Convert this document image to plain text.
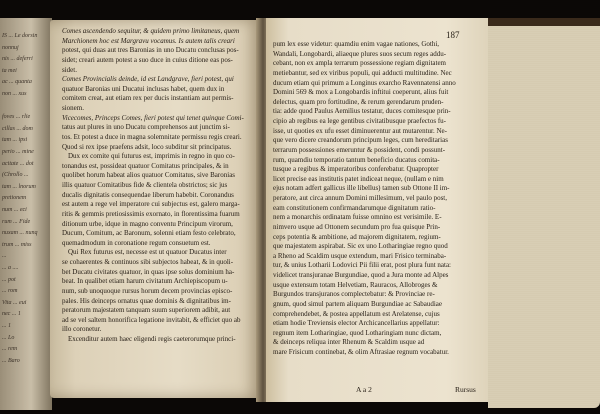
IS ... Le dorsin
nonnuj
nis ... deferri
ta mei
ac ... quanta
non ... xus
foves ... rlie
cillas ... dom
tam ... ipsi
perio ... mine
acitate ... dot
(Chrollo ...
tam ... lnorum
pretionem
num ... eci
rum ... Fide
nuxam ... nunq
trum ... miss
...
... a ....
... pot
... rom
Vita ... eui
nec ... 1
... 1
... Lo
... rem
... Baro
Comes ascendendo sequitur, & quidem primo limitaneus, quem
Marchionem hoc est Margravu vocamus. Is autem talis creari
potest, qui duas aut tres Baronias in uno Ducatu conclusas pos-
sidet; creari autem potest a suo duce in cuius ditione eas pos-
sidet.
Comes Provincialis deinde, id est Landgrave, fieri potest, qui
quatuor Baronias uni Ducatui inclusas habet, quem dux in
comitem creat, aut etiam rex per ducis instantiam aut permis-
sionem.
Vicecomes, Princeps Comes, fieri potest qui tenet quinque Comi-
tatus aut plures in uno Ducatu comprehensos aut junctim si-
tos. Et potest a duce in magna solemnitate permissu regis creari.
Quod si rex ipse praefens adsit, loco subditur sit principatus.
Dux ex comite qui futurus est, imprimis in regno in quo co-
tonandus est, possideat quatuor Comitatus principales, & in
quolibet horum habeat alios quatuor Comitatus, sive Baronias
illis quatuor Comitatibus fide & clientela obstrictos; sic jus
ducalis dignitatis consequendae liberum habebit. Coronandus
est autem a rege vel imperatore cui subjectus est, galero marga-
ritis & gemmis pretiosissimis exornato, in florentissima fuarum
ditionum urbe, idque in magno conventu Principum virorum,
Ducum, Comitum, ac Baronum, solenni etiam festo celebrato,
quemadmodum in coronatione regum consuetum est.
Qui Rex futurus est, necesse est ut quatuor Ducatus inter
se cohaerentes & continuos sibi subjectos habeat, & in quoli-
bet Ducatu civitates quatuor, in quas ipse solus dominium ha-
beat. In qualibet etiam harum civitatum Archiepiscopum u-
num, sub unoquoque rursus horum decem provincias episco-
pales. His deinceps ornatus quae dominis & dignitatibus im-
peratorum majestatem tanquam suum superiorem adibit, aut
ad se vel saltem honorifica legatione invitabit, & efficiet quo ab
illo coronetur.
Excenditur autem haec eligendi regis caeterorumque princi-
pum lex esse videtur: quamdiu enim vagae nationes, Gothi,
Wandali, Longobardi, aliaeque plures suos secum reges addu-
cebant, non ex ampla terrarum possessione regiam dignitatem
metiebantur, sed ex viribus populi, qui adducti multitudine. Nec
ducum etiam qui primum a Longinus exarcho Ravennatensi anno
Domini 569 & mox a Longobardis inftitui coeperunt, alius fuit
delectus, quam pro fortitudine, & rerum gerendarum pruden-
tia: adde quod Paulus Aemilius testatur, duces comitesque prin-
cipio ab regibus ea lege gentibus civitatibusque praefectos fu-
isse, ut quoties ex ufu esset diminuerentur aut mutarentur. Ne-
que vero dicere creandorum principum leges, cum hereditarias
terrarum possessiones emeruntur & possident, condi possunt-
rum, quamdiu temporatio tantum beneficio ducatus comita-
tusque a regibus & imperatoribus conferebatur. Quapropter
licet precise eas institutis patet indiceat neque, (nullam e nim
ejus notam adfert gallicus ille libellus) tamen sub Ottone II im-
peratore, aut circa annum Domini millesimum, vel paulo post,
eam constitutionem confirmandarumque dignitatum ratio-
nem a monarchis ordinatam fuisse omnino est verisimile. E-
nimvero usque ad Ottonem secundum pro fua quisque Prin-
ceps potentia & ambitione, ad majorem dignitatem, regium-
que majestatem aspirabat. Sic ex uno Lotharingiae regno quod
a Rheno ad Scaldim usque extendum, mari Frisico terminaba-
tur, & unius Lotharii Lodovici Pii filii erat, post plura funt nata:
videlicet transjuranae Burgundiae, quod a Jura monte ad Alpes
usque extensum totam Helvetiam, Rauracos, Allobroges &
Burgundos transjuranos complectebatur: & Provinciae re-
gnum, quod simul partem aliquam Burgundiae ac Sabaudiae
comprehendebet, & postea appellatum est Arelatense, cujus
etiam hodie Treviensis elector Archicancellarius appellatur:
regnum item Lotharingiae, quod Lotharingiam nunc dictam,
& deinceps reliqua inter Rhenum & Scaldim usque ad
mare Frisicum continebat, & olim Aftrasiae regnum vocabatur.
187
A a 2	Rursus
